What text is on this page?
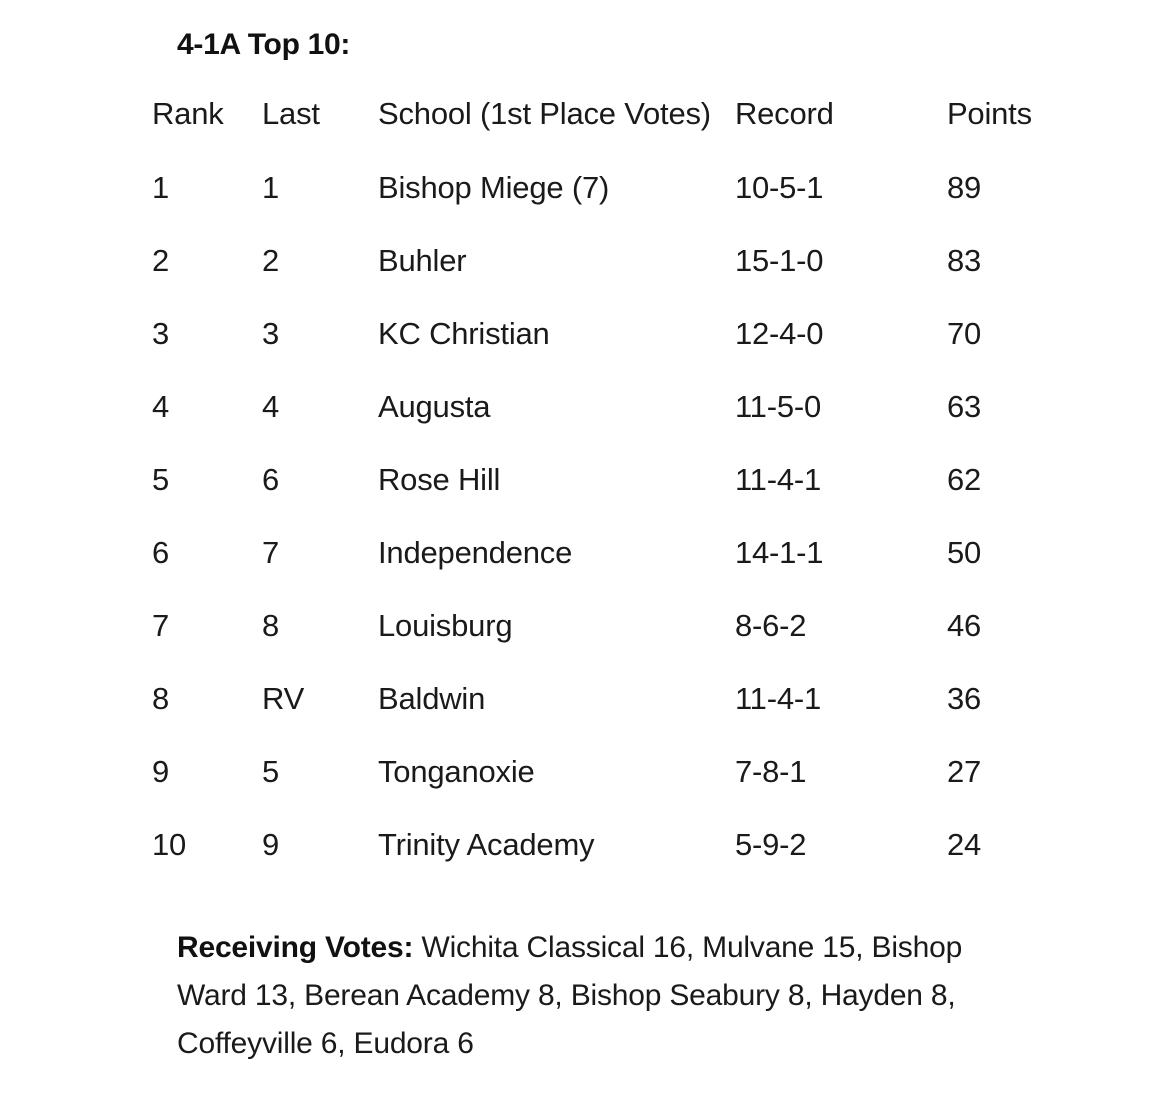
4-1A Top 10:
Rank	Last	School (1st Place Votes)	Record	Points
1	1	Bishop Miege (7)	10-5-1	89
2	2	Buhler	15-1-0	83
3	3	KC Christian	12-4-0	70
4	4	Augusta	11-5-0	63
5	6	Rose Hill	11-4-1	62
6	7	Independence	14-1-1	50
7	8	Louisburg	8-6-2	46
8	RV	Baldwin	11-4-1	36
9	5	Tonganoxie	7-8-1	27
10	9	Trinity Academy	5-9-2	24
Receiving Votes: Wichita Classical 16, Mulvane 15, Bishop Ward 13, Berean Academy 8, Bishop Seabury 8, Hayden 8, Coffeyville 6, Eudora 6
